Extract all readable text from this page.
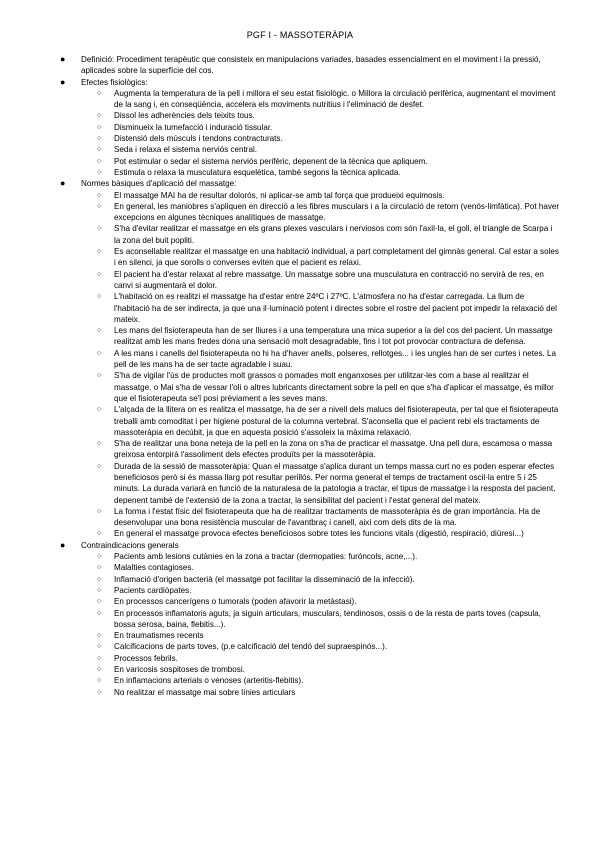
PGF I - MASSOTERÀPIA
● Definició: Procediment terapèutic que consisteix en manipulacions variades, basades essencialment en el moviment i la pressió, aplicades sobre la superfície del cos.
● Efectes fisiològics:
○ Augmenta la temperatura de la pell i millora el seu estat fisiològic. o Millora la circulació perifèrica, augmentant el moviment de la sang i, en conseqüència, accelera els moviments nutritius i l'eliminació de desfet.
○ Dissol les adherències dels teixits tous.
○ Disminueix la tumefacció i induració tissular.
○ Distensió dels músculs i tendons contracturats.
○ Seda i relaxa el sistema nerviós central.
○ Pot estimular o sedar el sistema nerviós perifèric, depenent de la tècnica que apliquem.
○ Estimula o relaxa la musculatura esquelètica, també segons la tècnica aplicada.
● Normes bàsiques d'aplicació del massatge:
○ El massatge MAI ha de resultar dolorós, ni aplicar-se amb tal força que produeixi equimosis.
○ En general, les maniobres s'apliquen en direcció a les fibres musculars i a la circulació de retorn (venós-limfàtica). Pot haver excepcions en algunes tècniques analítiques de massatge.
○ S'ha d'evitar realitzar el massatge en els grans plexes vasculars i nerviosos com són l'axil·la, el goll, el triangle de Scarpa i la zona del buit popliti.
○ Es aconsellable realitzar el massatge en una habitació individual, a part completament del gimnàs general. Cal estar a soles i en silenci, ja que sorolls o converses eviten que el pacient es relaxi.
○ El pacient ha d'estar relaxat al rebre massatge. Un massatge sobre una musculatura en contracció no servirà de res, en canvi si augmentarà el dolor.
○ L'habitació on es realitzi el massatge ha d'estar entre 24ºC i 27ºC. L'atmosfera no ha d'estar carregada. La llum de l'habitació ha de ser indirecta, ja que una il·luminació potent i directes sobre el rostre del pacient pot impedir la relaxació del mateix.
○ Les mans del fisioterapeuta han de ser lliures i a una temperatura una mica superior a la del cos del pacient. Un massatge realitzat amb les mans fredes dona una sensació molt desagradable, fins i tot pot provocar contractura de defensa.
○ A les mans i canells del fisioterapeuta no hi ha d'haver anells, polseres, rellotges... i les ungles han de ser curtes i netes. La pell de les mans ha de ser tacte agradable i suau.
○ S'ha de vigilar l'ús de productes molt grassos o pomades molt enganxoses per utilitzar-les com a base al realitzar el massatge. o Mai s'ha de vessar l'oli o altres lubricants directament sobre la pell en que s'ha d'aplicar el massatge, és millor que el fisioterapeuta se'l posi prèviament a les seves mans.
○ L'alçada de la llitera on es realitza el massatge, ha de ser a nivell dels malucs del fisioterapeuta, per tal que el fisioterapeuta treballi amb comoditat i per higiene postural de la columna vertebral. S'aconsella que el pacient rebi els tractaments de massoteràpia en decúbit, ja que en aquesta posició s'assoleix la màxima relaxació.
○ S'ha de realitzar una bona neteja de la pell en la zona on s'ha de practicar el massatge. Una pell dura, escamosa o massa greixosa entorpirà l'assoliment dels efectes produïts per la massoteràpia.
○ Durada de la sessió de massoteràpia: Quan el massatge s'aplica durant un temps massa curt no es poden esperar efectes beneficiosos però si és massa llarg pot resultar perillós. Per norma general el temps de tractament oscil·la entre 5 i 25 minuts. La durada variarà en funció de la naturalesa de la patologia a tractar, el tipus de massatge i la resposta del pacient, depenent també de l'extensió de la zona a tractar, la sensibilitat del pacient i l'estat general del mateix.
○ La forma i l'estat físic del fisioterapeuta que ha de realitzar tractaments de massoteràpia és de gran importància. Ha de desenvolupar una bona resistència muscular de l'avantbraç i canell, així com dels dits de la ma.
○ En general el massatge provoca efectes beneficiosos sobre totes les funcions vitals (digestió, respiració, diüresi...)
● Contraindicacions generals
○ Pacients amb lesions cutànies en la zona a tractar (dermopaties: furóncols, acne,...).
○ Malalties contagioses.
○ Inflamació d'origen bacterià (el massatge pot facilitar la disseminació de la infecció).
○ Pacients cardiòpates.
○ En processos cancerígens o tumorals (poden afavorir la metàstasi).
○ En processos inflamatoris aguts, ja siguin articulars, musculars, tendinosos, ossis o de la resta de parts toves (capsula, bossa serosa, baina, flebitis...).
○ En traumatismes recents
○ Calcificacions de parts toves, (p.e calcificació del tendó del supraespinós...).
○ Processos febrils.
○ En varicosis sospitoses de trombosi.
○ En inflamacions arterials o venoses (arteritis-flebitis).
○ No realitzar el massatge mai sobre línies articulars
